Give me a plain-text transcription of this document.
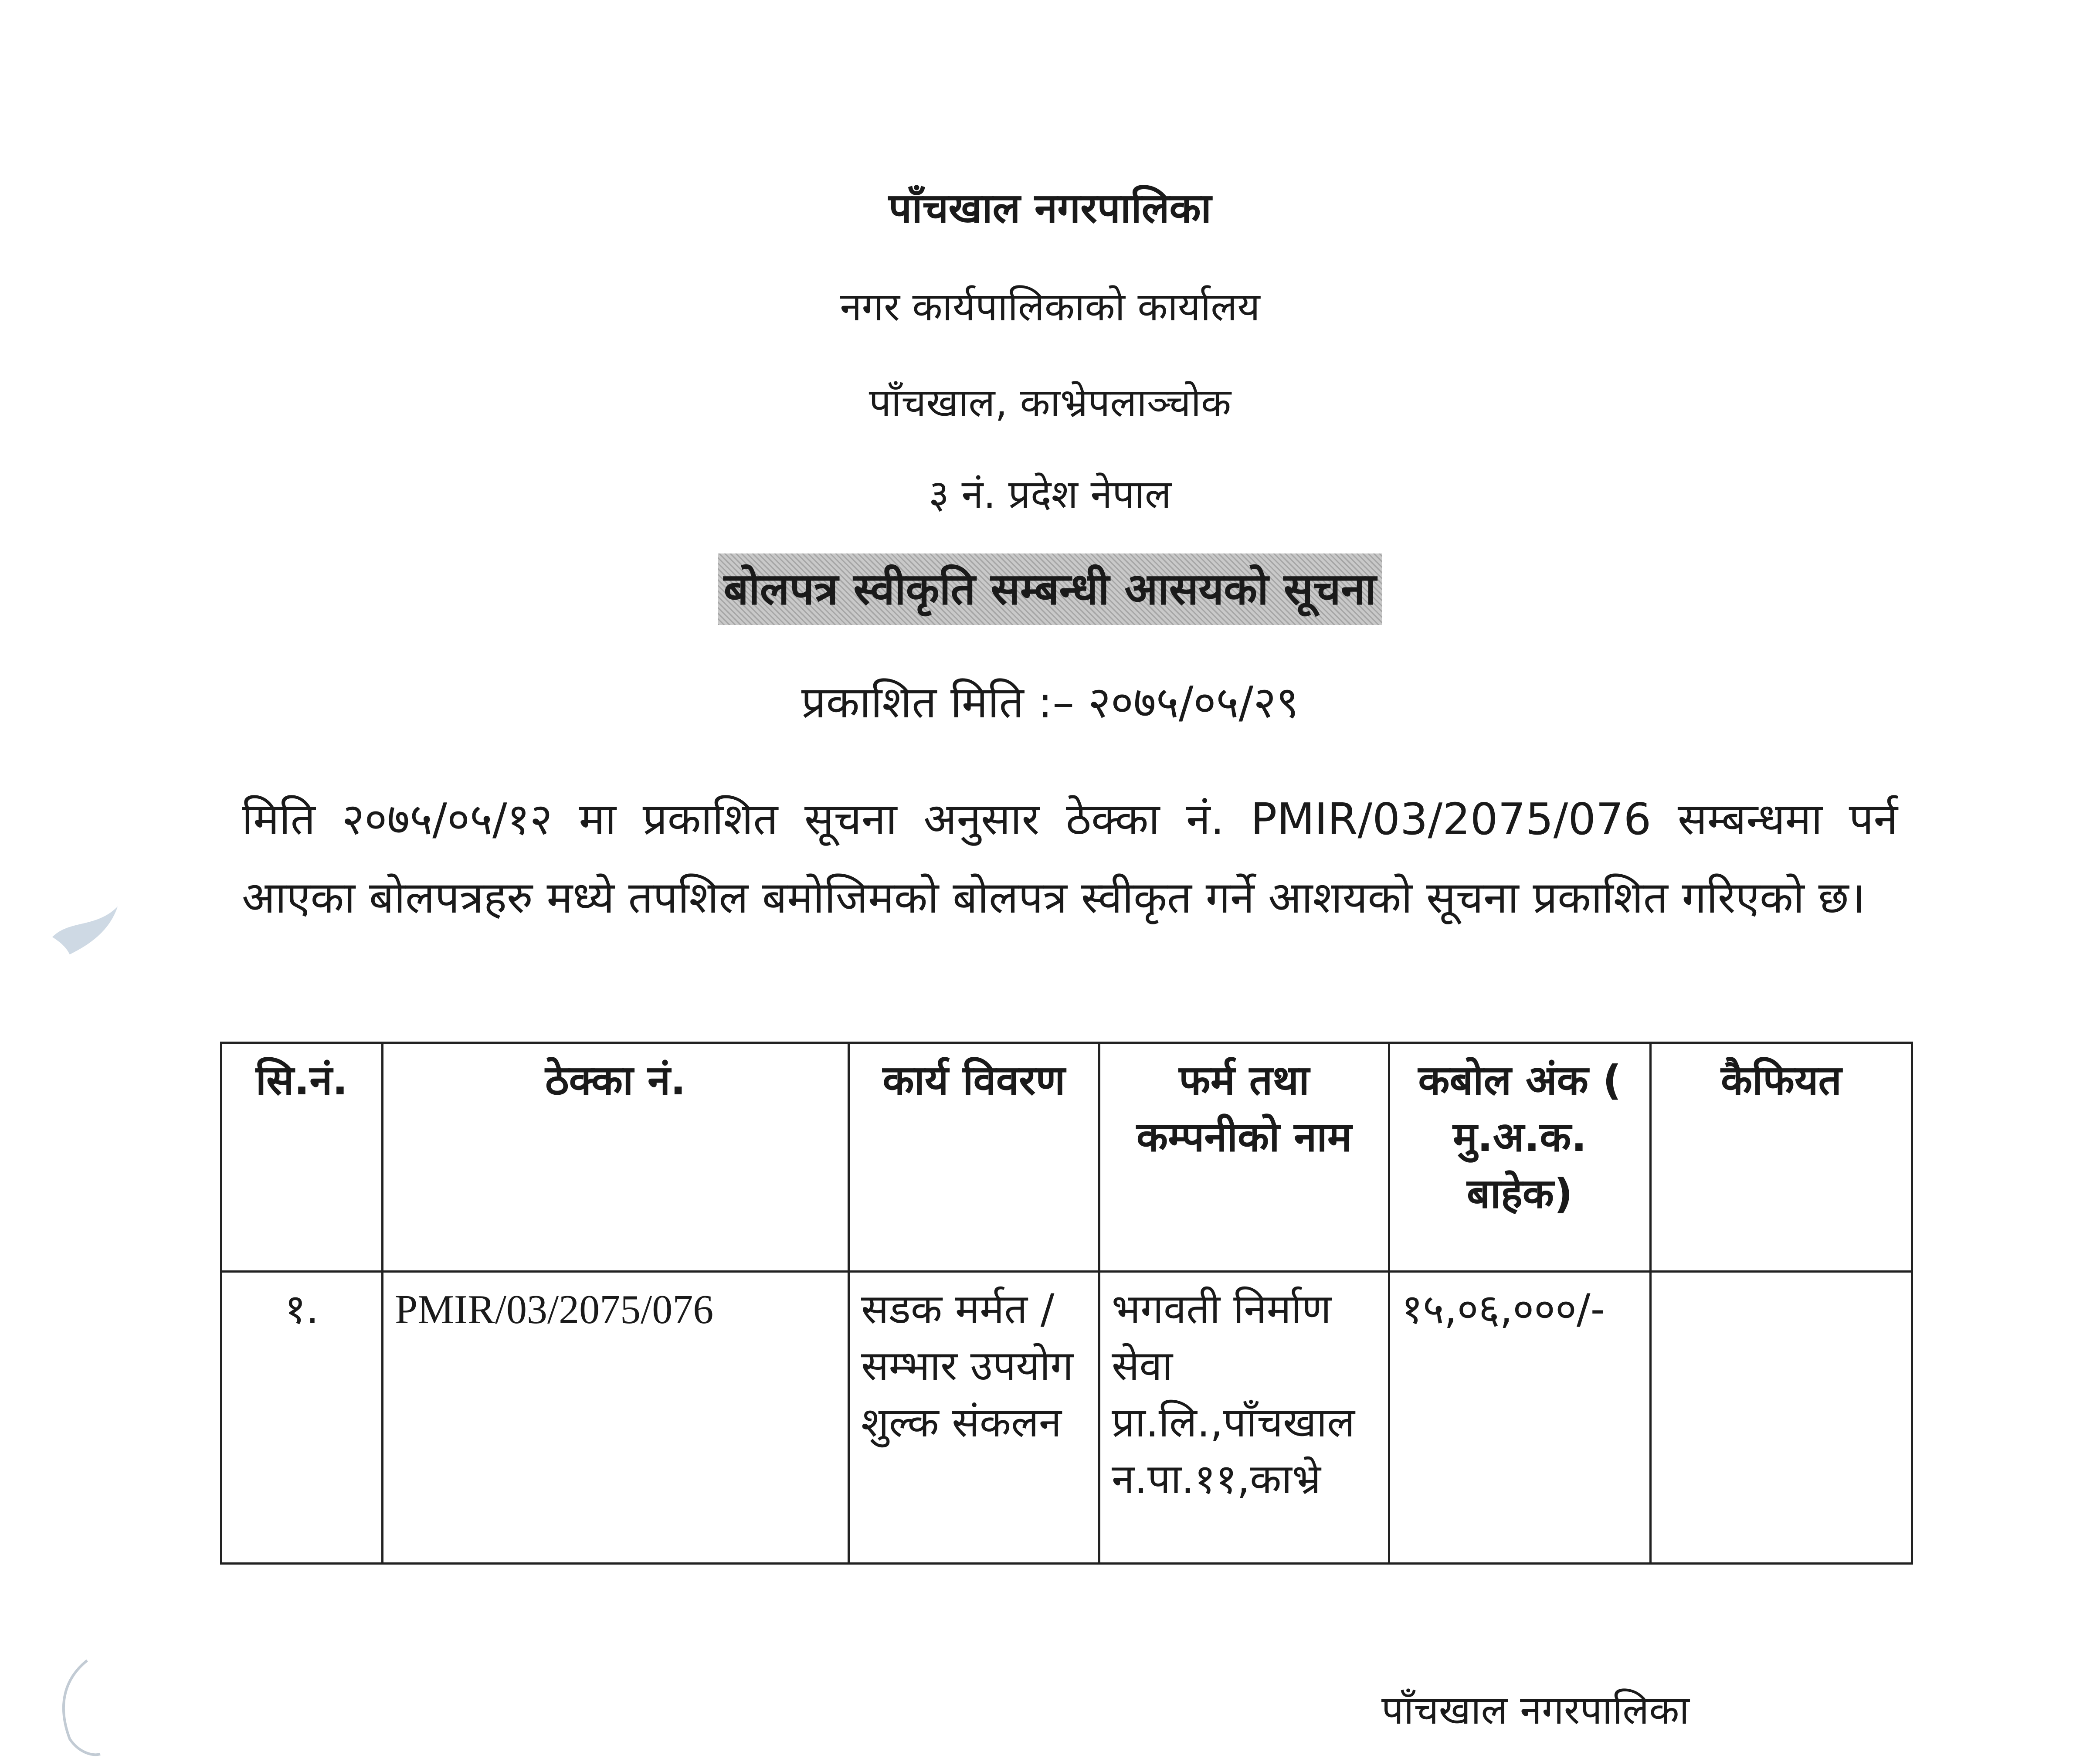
पाँचखाल नगरपालिका
नगर कार्यपालिकाको कार्यालय
पाँचखाल, काभ्रेपलाञ्चोक
३ नं. प्रदेश नेपाल
बोलपत्र स्वीकृति सम्बन्धी आसयको सूचना
प्रकाशित मिति :– २०७५/०५/२९
मिति २०७५/०५/१२ मा प्रकाशित सूचना अनुसार ठेक्का नं. PMIR/03/2075/076 सम्बन्धमा पर्न आएका बोलपत्रहरु मध्ये तपशिल बमोजिमको बोलपत्र स्वीकृत गर्ने आशयको सूचना प्रकाशित गरिएको छ।
सि.नं.	ठेक्का नं.	कार्य विवरण	फर्म तथा कम्पनीको नाम	कबोल अंक ( मु.अ.क. बाहेक)	कैफियत
१.	PMIR/03/2075/076	सडक मर्मत / सम्भार उपयोग शुल्क संकलन	भगवती निर्माण सेवा प्रा.लि.,पाँचखाल न.पा.११,काभ्रे	१५,०६,०००/-	
पाँचखाल नगरपालिका
